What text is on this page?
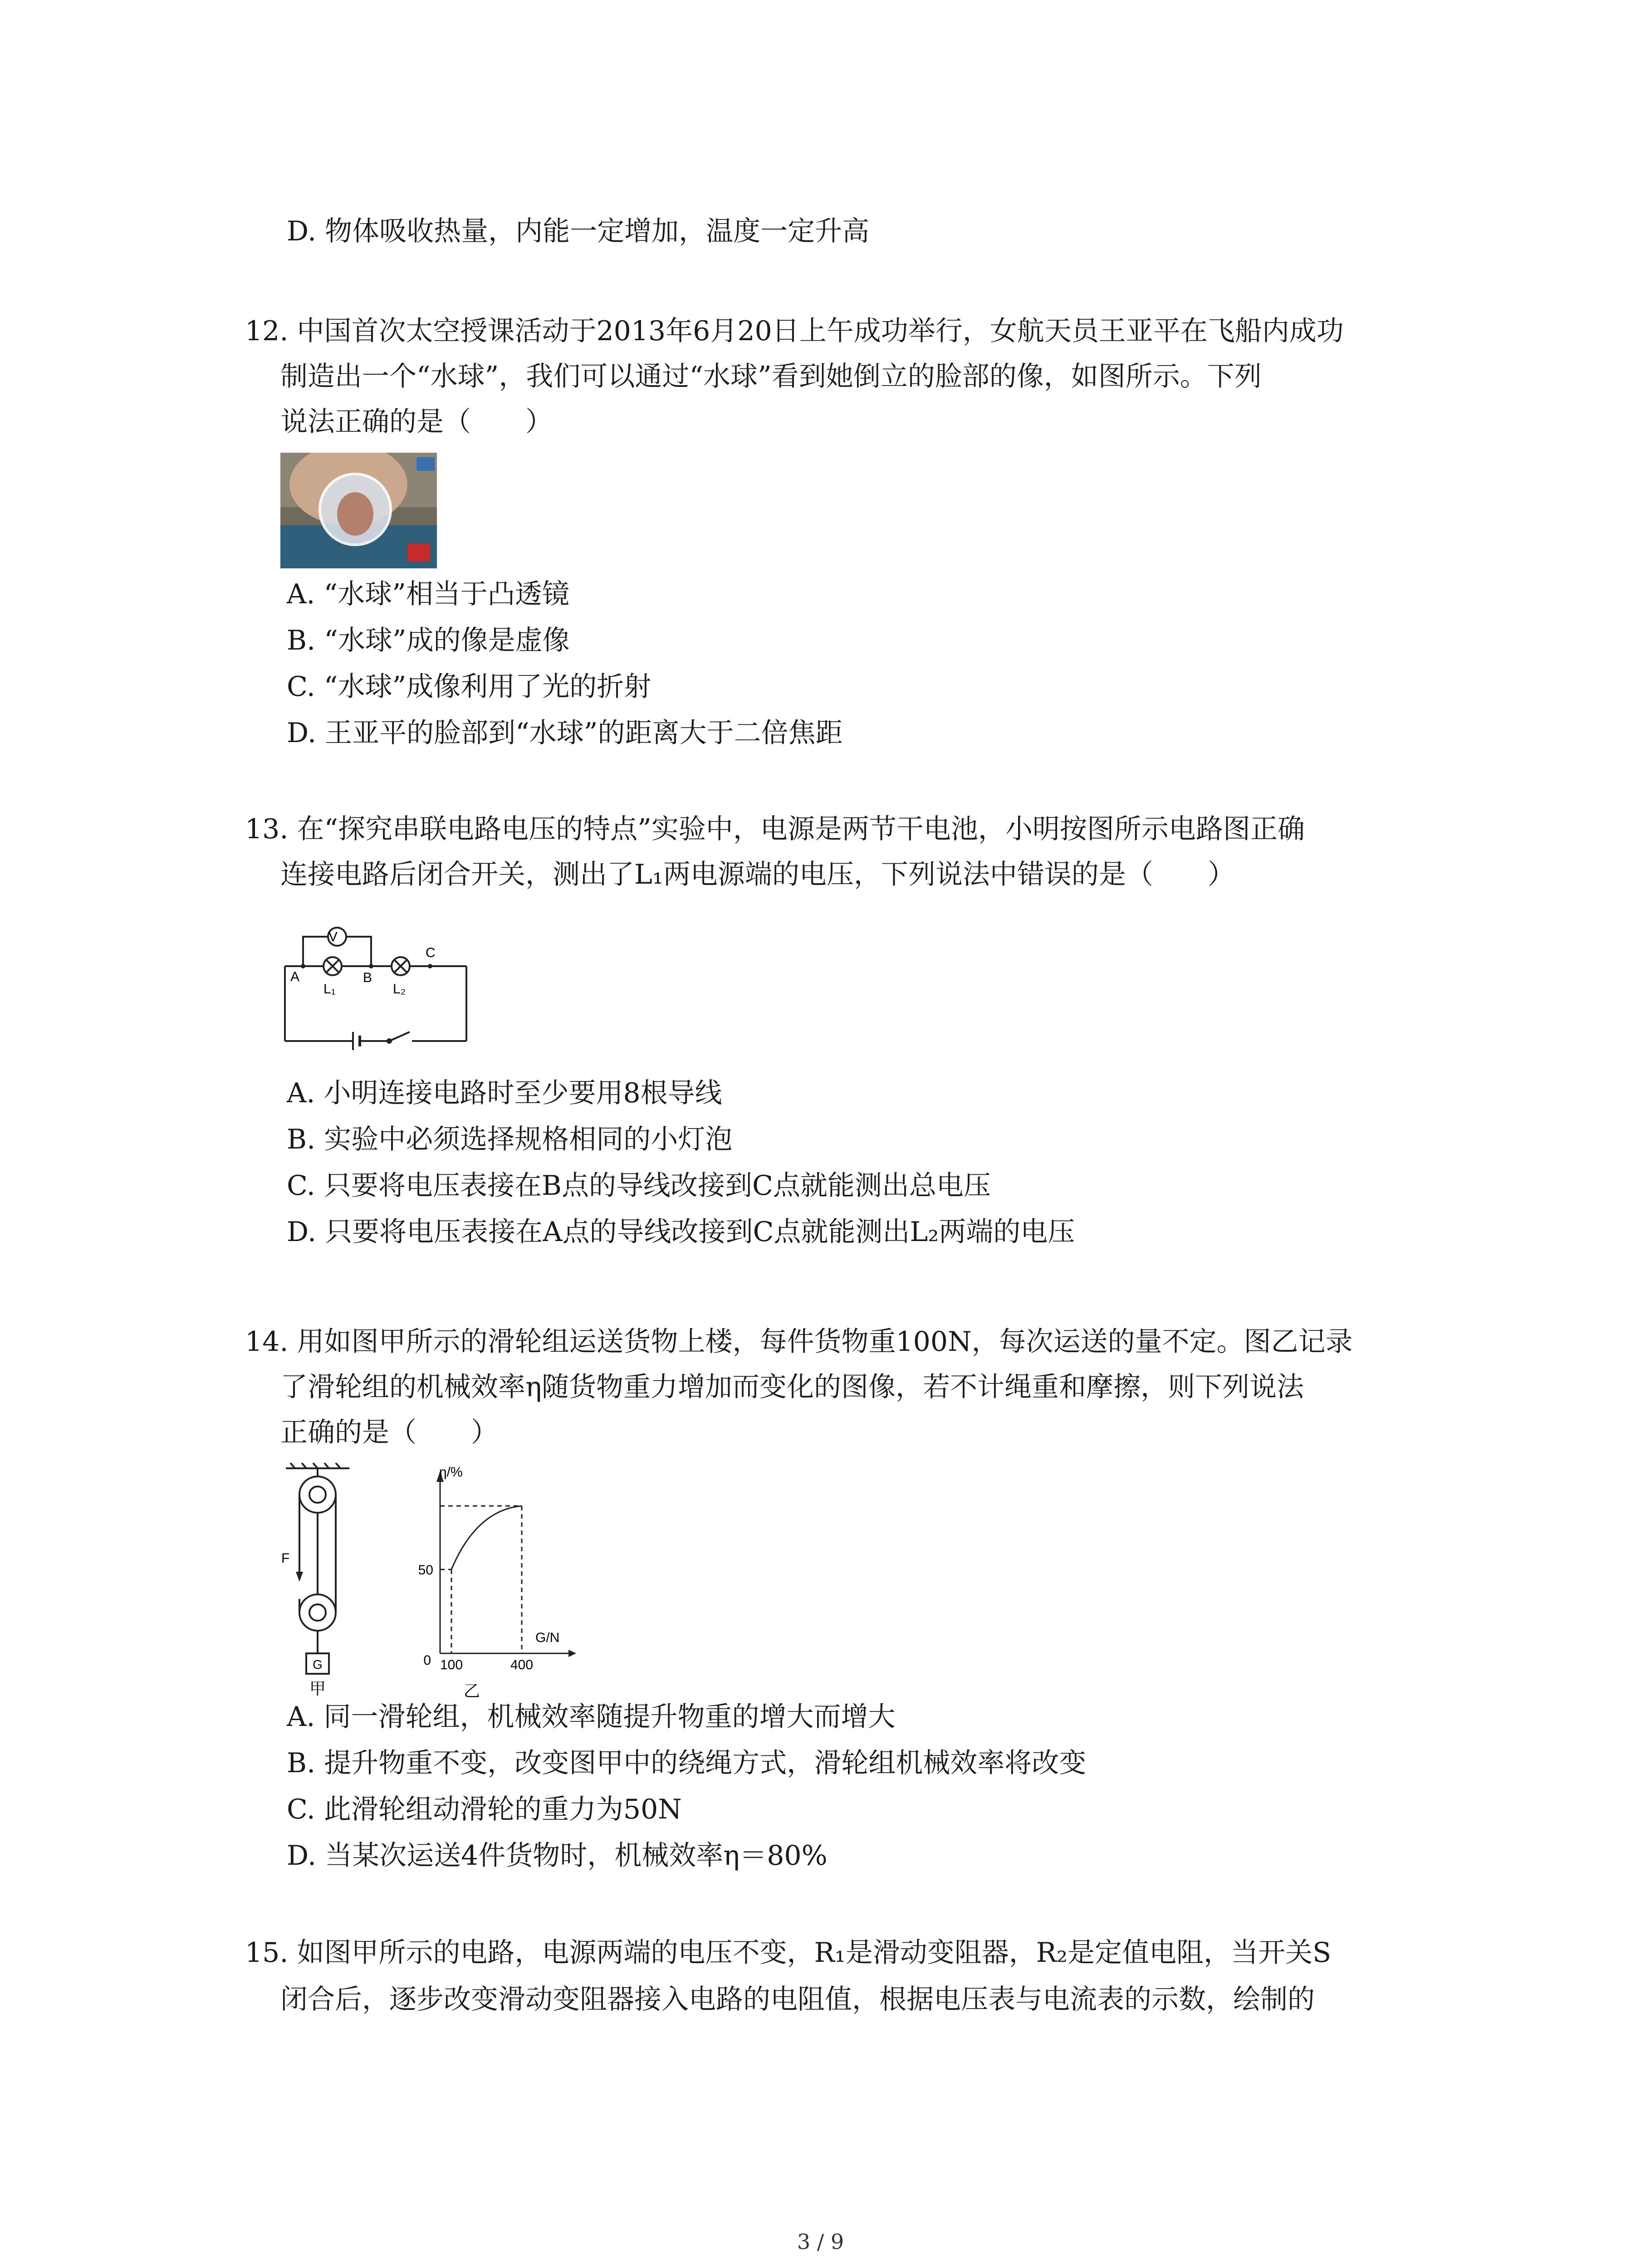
D. 物体吸收热量，内能一定增加，温度一定升高
12. 中国首次太空授课活动于2013年6月20日上午成功举行，女航天员王亚平在飞船内成功
制造出一个“水球”，我们可以通过“水球”看到她倒立的脸部的像，如图所示。下列
说法正确的是（　　）
A. “水球”相当于凸透镜
B. “水球”成的像是虚像
C. “水球”成像利用了光的折射
D. 王亚平的脸部到“水球”的距离大于二倍焦距
13. 在“探究串联电路电压的特点”实验中，电源是两节干电池，小明按图所示电路图正确
连接电路后闭合开关，测出了L₁两电源端的电压，下列说法中错误的是（　　）
V
A	B
C
L₁	L₂
A. 小明连接电路时至少要用8根导线
B. 实验中必须选择规格相同的小灯泡
C. 只要将电压表接在B点的导线改接到C点就能测出总电压
D. 只要将电压表接在A点的导线改接到C点就能测出L₂两端的电压
14. 用如图甲所示的滑轮组运送货物上楼，每件货物重100N，每次运送的量不定。图乙记录
了滑轮组的机械效率η随货物重力增加而变化的图像，若不计绳重和摩擦，则下列说法
正确的是（　　）
F
G
甲
η/%
G/N
50
0 100	400
乙
A. 同一滑轮组，机械效率随提升物重的增大而增大
B. 提升物重不变，改变图甲中的绕绳方式，滑轮组机械效率将改变
C. 此滑轮组动滑轮的重力为50N
D. 当某次运送4件货物时，机械效率η＝80%
15. 如图甲所示的电路，电源两端的电压不变，R₁是滑动变阻器，R₂是定值电阻，当开关S
闭合后，逐步改变滑动变阻器接入电路的电阻值，根据电压表与电流表的示数，绘制的
3 / 9
